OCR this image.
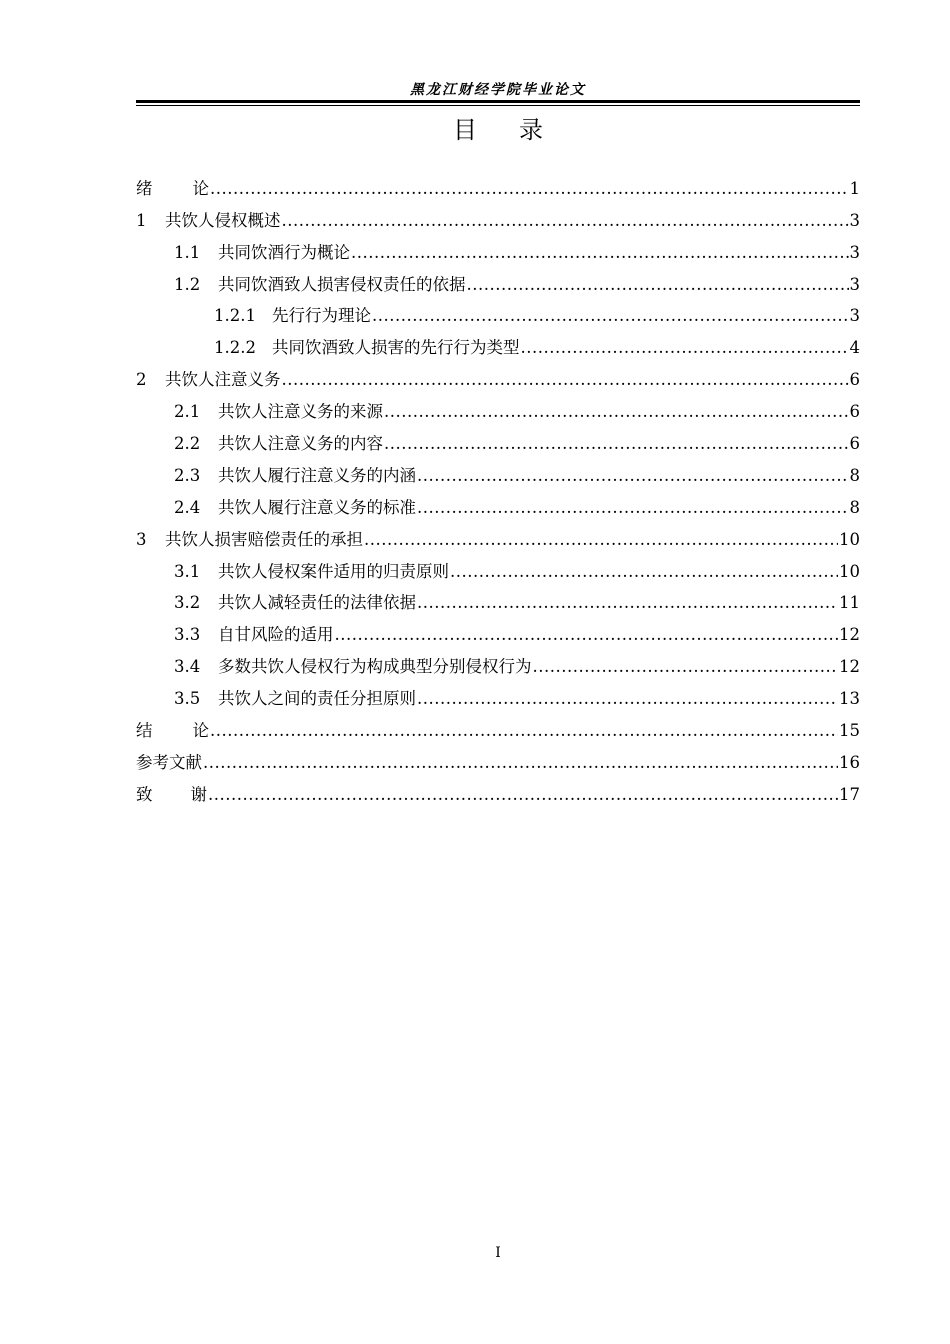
黑龙江财经学院毕业论文
目 录
绪论 .....	1
1	共饮人侵权概述 .....	3
1.1	共同饮酒行为概论 .....	3
1.2	共同饮酒致人损害侵权责任的依据 .....	3
1.2.1 先行行为理论 .....	3
1.2.2 共同饮酒致人损害的先行行为类型 .....	4
2	共饮人注意义务 .....	6
2.1	共饮人注意义务的来源 .....	6
2.2	共饮人注意义务的内容 .....	6
2.3	共饮人履行注意义务的内涵 .....	8
2.4	共饮人履行注意义务的标准 .....	8
3	共饮人损害赔偿责任的承担 .....	10
3.1	共饮人侵权案件适用的归责原则 .....	10
3.2	共饮人减轻责任的法律依据 .....	11
3.3	自甘风险的适用 .....	12
3.4	多数共饮人侵权行为构成典型分别侵权行为 .....	12
3.5	共饮人之间的责任分担原则 .....	13
结论 .....	15
参考文献 .....	16
致谢 .....	17
I
